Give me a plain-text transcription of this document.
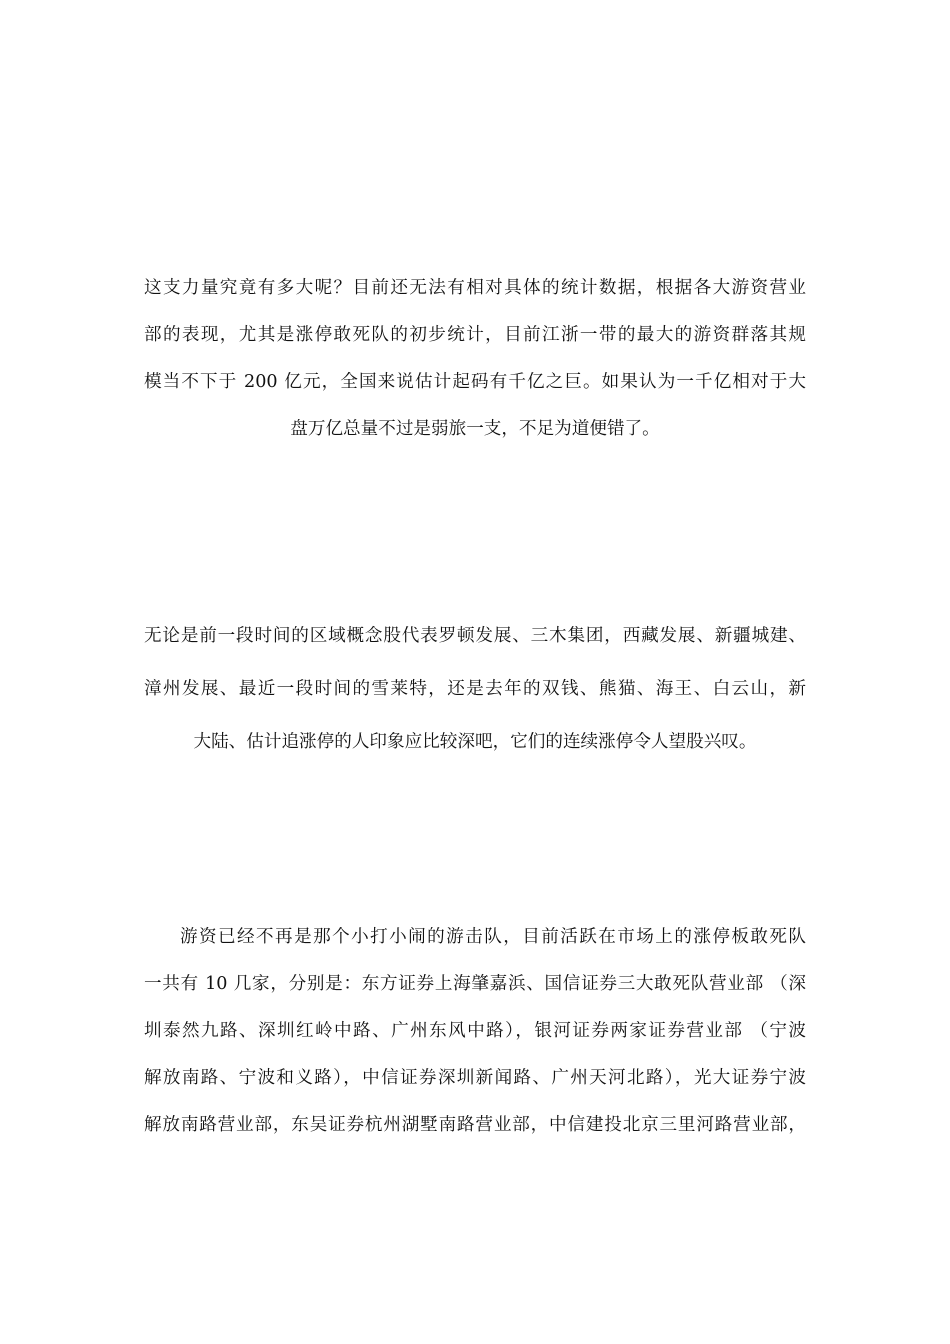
这支力量究竟有多大呢？目前还无法有相对具体的统计数据，根据各大游资营业
部的表现，尤其是涨停敢死队的初步统计，目前江浙一带的最大的游资群落其规
模当不下于 200 亿元，全国来说估计起码有千亿之巨。如果认为一千亿相对于大
盘万亿总量不过是弱旅一支，不足为道便错了。
无论是前一段时间的区域概念股代表罗顿发展、三木集团，西藏发展、新疆城建、
漳州发展、最近一段时间的雪莱特，还是去年的双钱、熊猫、海王、白云山，新
大陆、估计追涨停的人印象应比较深吧，它们的连续涨停令人望股兴叹。
游资已经不再是那个小打小闹的游击队，目前活跃在市场上的涨停板敢死队
一共有 10 几家，分别是：东方证券上海肇嘉浜、国信证券三大敢死队营业部 （深
圳泰然九路、深圳红岭中路、广州东风中路），银河证券两家证券营业部 （宁波
解放南路、宁波和义路），中信证券深圳新闻路、广州天河北路），光大证券宁波
解放南路营业部，东吴证券杭州湖墅南路营业部，中信建投北京三里河路营业部，
